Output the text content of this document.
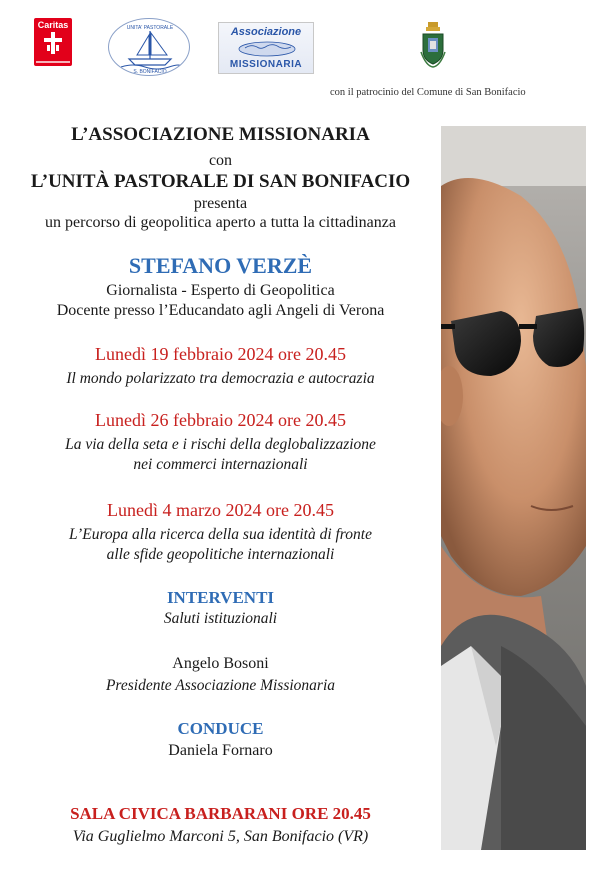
Caritas	UNITA' PASTORALE
S. BONIFACIO
Associazione
MISSIONARIA
con il patrocinio del Comune di San Bonifacio
L’ASSOCIAZIONE MISSIONARIA
con
L’UNITÀ PASTORALE DI SAN BONIFACIO
presenta
un percorso di geopolitica aperto a tutta la cittadinanza
STEFANO VERZÈ
Giornalista - Esperto di Geopolitica
Docente presso l’Educandato agli Angeli di Verona
Lunedì 19 febbraio 2024 ore 20.45
Il mondo polarizzato tra democrazia e autocrazia
Lunedì 26 febbraio 2024 ore 20.45
La via della seta e i rischi della deglobalizzazione
nei commerci internazionali
Lunedì 4 marzo 2024 ore 20.45
L’Europa alla ricerca della sua identità di fronte
alle sfide geopolitiche internazionali
INTERVENTI
Saluti istituzionali
Angelo Bosoni
Presidente Associazione Missionaria
CONDUCE
Daniela Fornaro
SALA CIVICA BARBARANI ORE 20.45
Via Guglielmo Marconi 5, San Bonifacio (VR)
